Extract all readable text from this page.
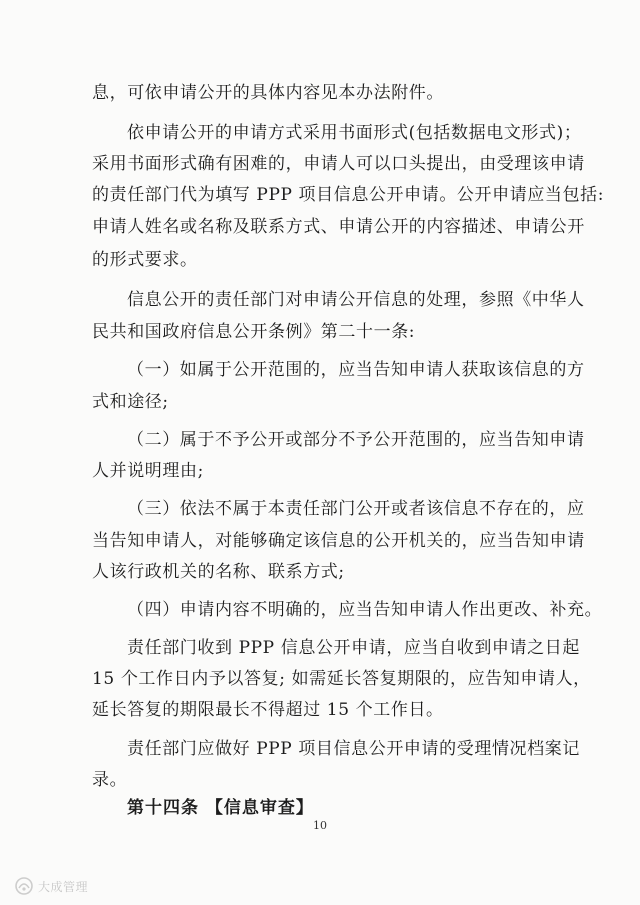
息，可依申请公开的具体内容见本办法附件。
依申请公开的申请方式采用书面形式(包括数据电文形式)；
采用书面形式确有困难的，申请人可以口头提出，由受理该申请
的责任部门代为填写 PPP 项目信息公开申请。公开申请应当包括:
申请人姓名或名称及联系方式、申请公开的内容描述、申请公开
的形式要求。
信息公开的责任部门对申请公开信息的处理，参照《中华人
民共和国政府信息公开条例》第二十一条:
（一）如属于公开范围的，应当告知申请人获取该信息的方
式和途径;
（二）属于不予公开或部分不予公开范围的，应当告知申请
人并说明理由;
（三）依法不属于本责任部门公开或者该信息不存在的，应
当告知申请人，对能够确定该信息的公开机关的，应当告知申请
人该行政机关的名称、联系方式;
（四）申请内容不明确的，应当告知申请人作出更改、补充。
责任部门收到 PPP 信息公开申请，应当自收到申请之日起
15 个工作日内予以答复; 如需延长答复期限的，应告知申请人，
延长答复的期限最长不得超过 15 个工作日。
责任部门应做好 PPP 项目信息公开申请的受理情况档案记
录。
第十四条 【信息审查】
10
大成管理
